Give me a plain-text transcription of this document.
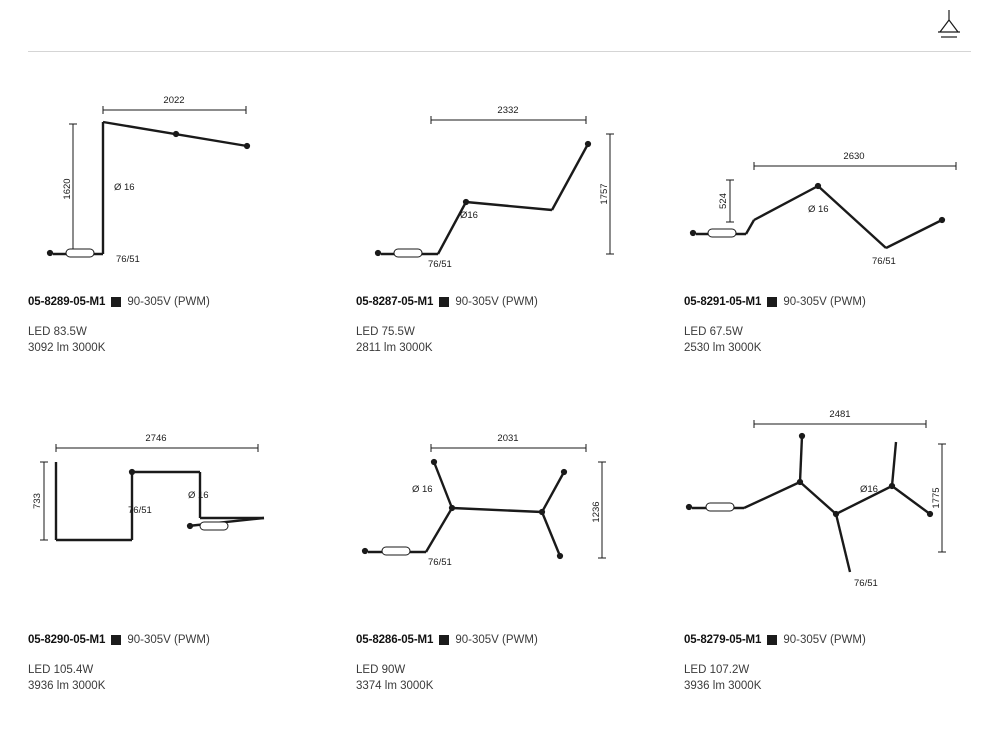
2022
1620	Ø 16
76/51
05-8289-05-M1 90-305V (PWM)
LED 83.5W
3092 lm 3000K
2332
1757
Ø16
76/51
05-8287-05-M1 90-305V (PWM)
LED 75.5W
2811 lm 3000K
2630
524
Ø 16
76/51
05-8291-05-M1 90-305V (PWM)
LED 67.5W
2530 lm 3000K
2746
733	Ø 16
76/51
05-8290-05-M1 90-305V (PWM)
LED 105.4W
3936 lm 3000K
2031
1236
Ø 16
76/51
05-8286-05-M1 90-305V (PWM)
LED 90W
3374 lm 3000K
2481
1775
Ø16
76/51
05-8279-05-M1 90-305V (PWM)
LED 107.2W
3936 lm 3000K
